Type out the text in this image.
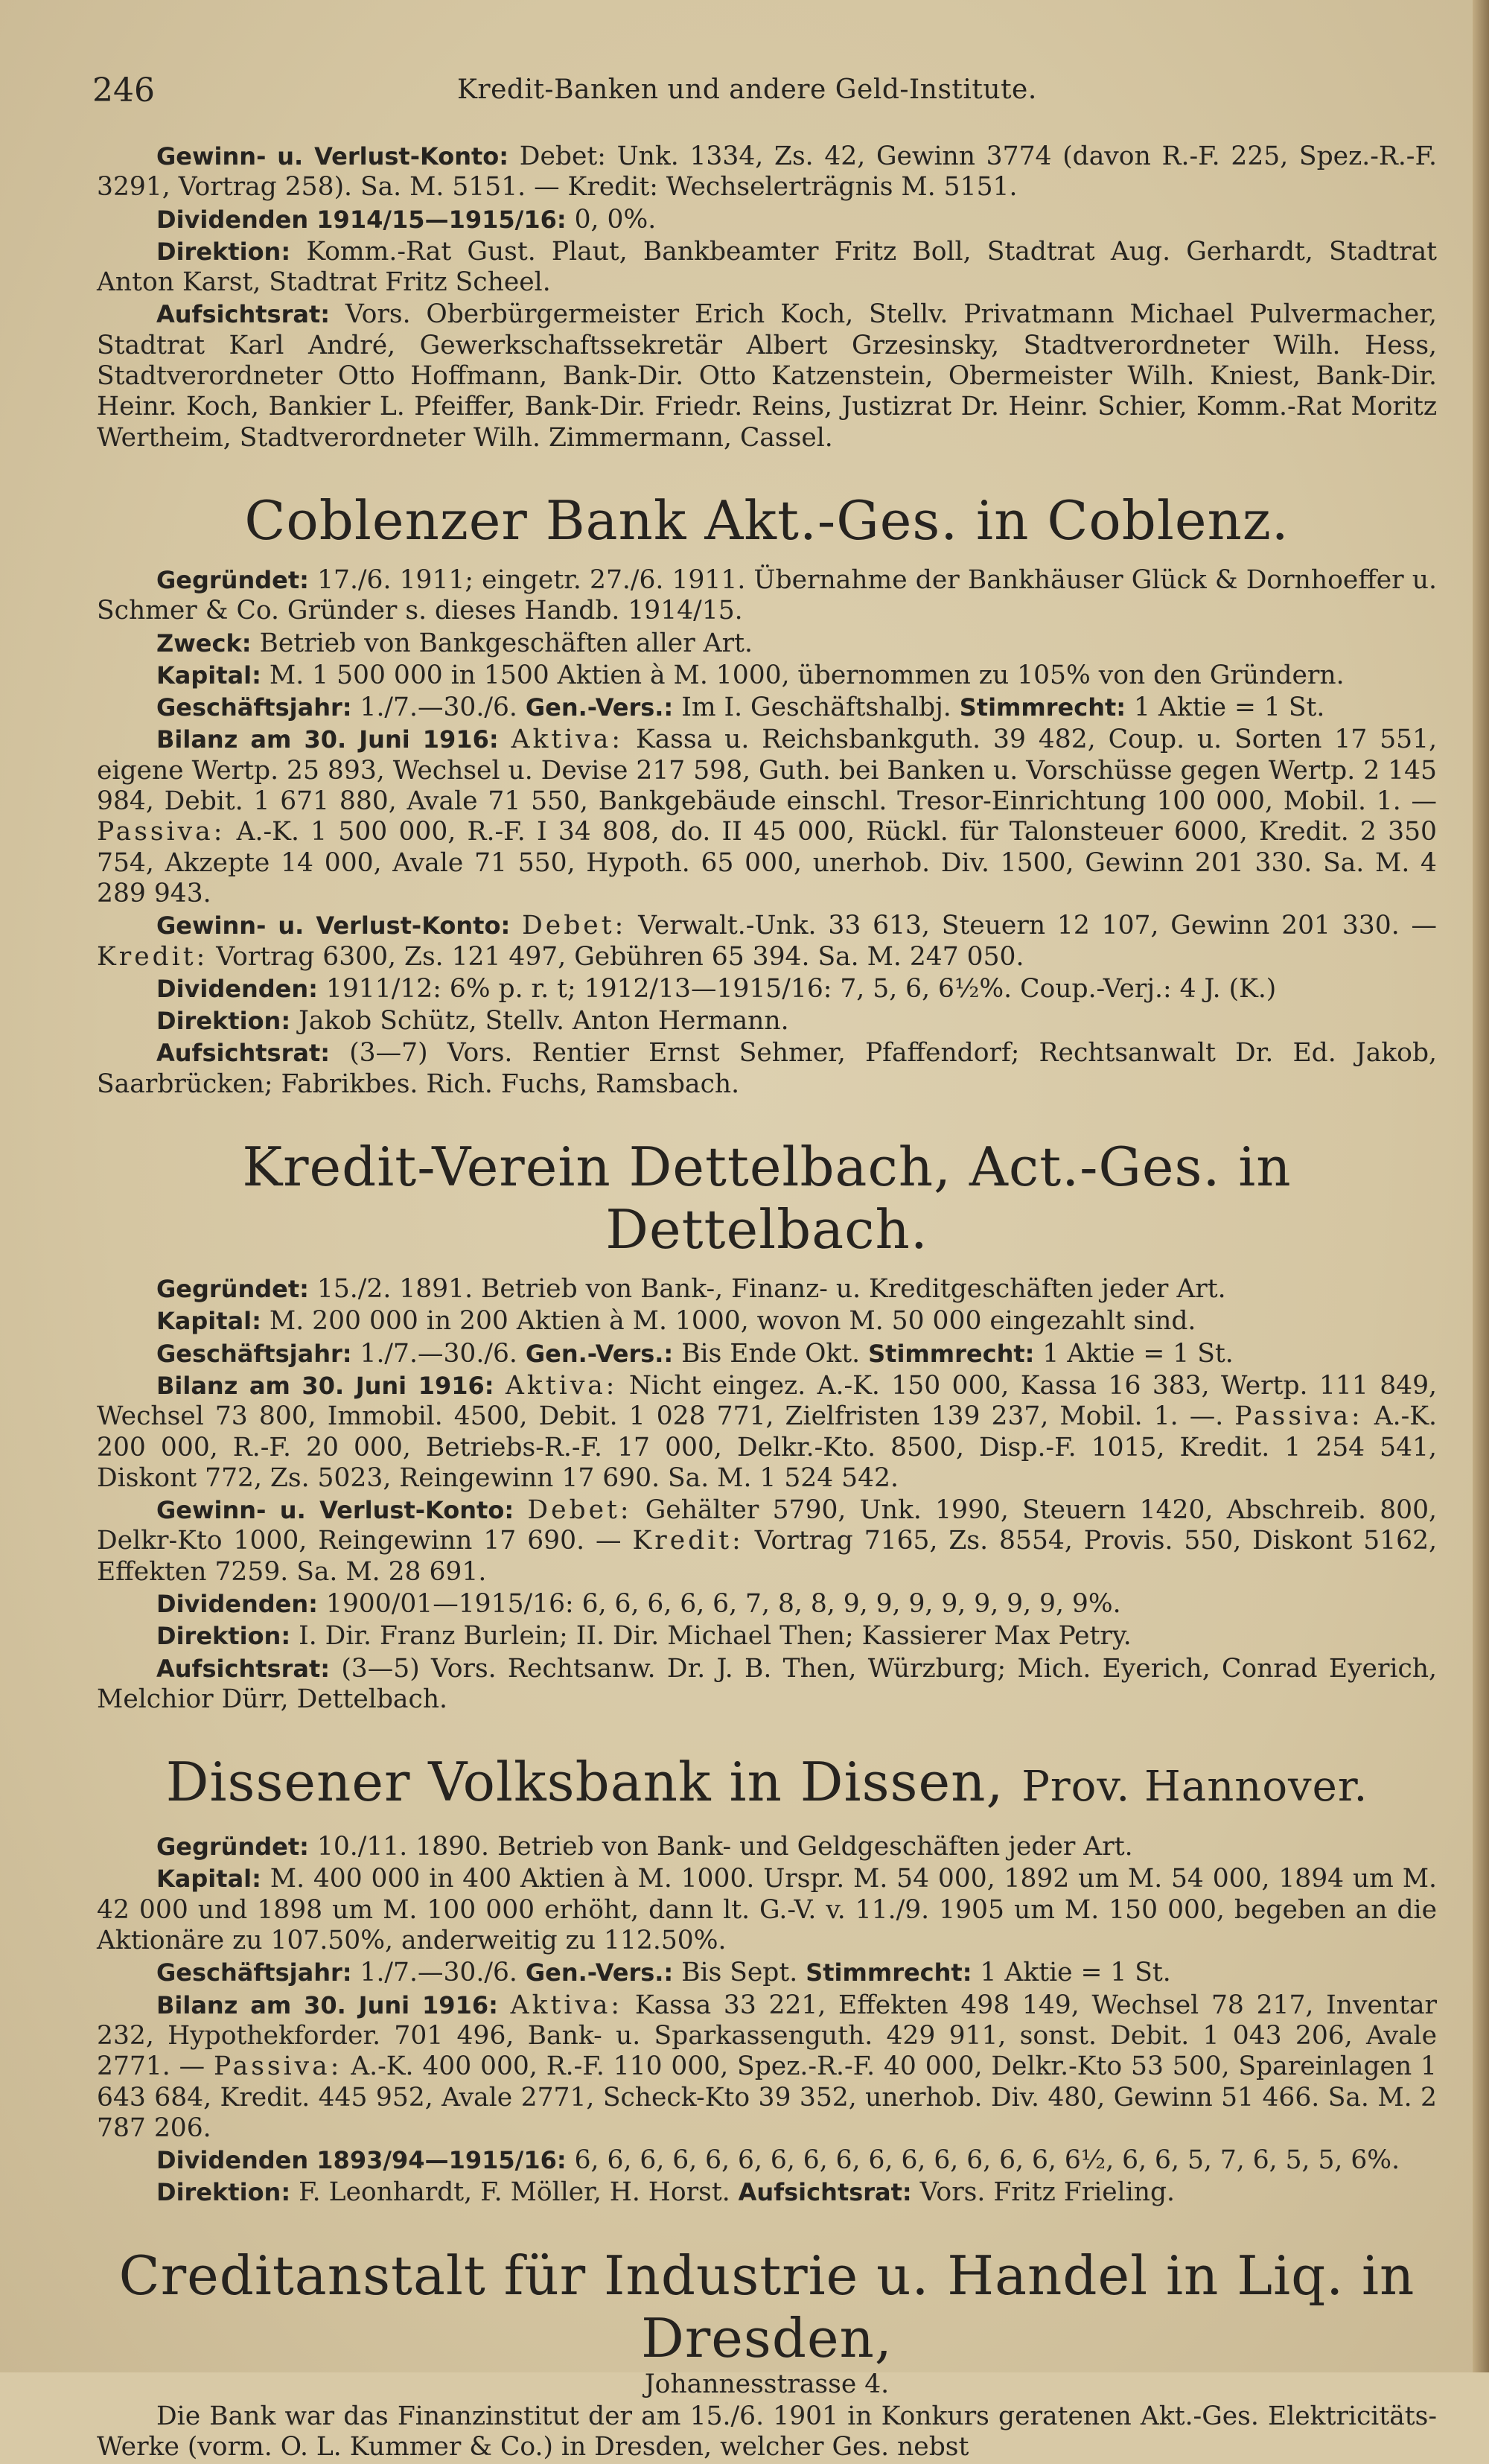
246	Kredit-Banken und andere Geld-Institute.

Gewinn- u. Verlust-Konto: Debet: Unk. 1334, Zs. 42, Gewinn 3774 (davon R.-F. 225, Spez.-R.-F. 3291, Vortrag 258). Sa. M. 5151. — Kredit: Wechselerträgnis M. 5151.

Dividenden 1914/15—1915/16: 0, 0%.

Direktion: Komm.-Rat Gust. Plaut, Bankbeamter Fritz Boll, Stadtrat Aug. Gerhardt, Stadtrat Anton Karst, Stadtrat Fritz Scheel.

Aufsichtsrat: Vors. Oberbürgermeister Erich Koch, Stellv. Privatmann Michael Pulvermacher, Stadtrat Karl André, Gewerkschaftssekretär Albert Grzesinsky, Stadtverordneter Wilh. Hess, Stadtverordneter Otto Hoffmann, Bank-Dir. Otto Katzenstein, Obermeister Wilh. Kniest, Bank-Dir. Heinr. Koch, Bankier L. Pfeiffer, Bank-Dir. Friedr. Reins, Justizrat Dr. Heinr. Schier, Komm.-Rat Moritz Wertheim, Stadtverordneter Wilh. Zimmermann, Cassel.

Coblenzer Bank Akt.-Ges. in Coblenz.

Gegründet: 17./6. 1911; eingetr. 27./6. 1911. Übernahme der Bankhäuser Glück & Dornhoeffer u. Schmer & Co. Gründer s. dieses Handb. 1914/15.

Zweck: Betrieb von Bankgeschäften aller Art.

Kapital: M. 1 500 000 in 1500 Aktien à M. 1000, übernommen zu 105% von den Gründern.

Geschäftsjahr: 1./7.—30./6. Gen.-Vers.: Im I. Geschäftshalbj. Stimmrecht: 1 Aktie = 1 St.

Bilanz am 30. Juni 1916: Aktiva: Kassa u. Reichsbankguth. 39 482, Coup. u. Sorten 17 551, eigene Wertp. 25 893, Wechsel u. Devise 217 598, Guth. bei Banken u. Vorschüsse gegen Wertp. 2 145 984, Debit. 1 671 880, Avale 71 550, Bankgebäude einschl. Tresor-Einrichtung 100 000, Mobil. 1. — Passiva: A.-K. 1 500 000, R.-F. I 34 808, do. II 45 000, Rückl. für Talonsteuer 6000, Kredit. 2 350 754, Akzepte 14 000, Avale 71 550, Hypoth. 65 000, unerhob. Div. 1500, Gewinn 201 330. Sa. M. 4 289 943.

Gewinn- u. Verlust-Konto: Debet: Verwalt.-Unk. 33 613, Steuern 12 107, Gewinn 201 330. — Kredit: Vortrag 6300, Zs. 121 497, Gebühren 65 394. Sa. M. 247 050.

Dividenden: 1911/12: 6% p. r. t; 1912/13—1915/16: 7, 5, 6, 6½%. Coup.-Verj.: 4 J. (K.)

Direktion: Jakob Schütz, Stellv. Anton Hermann.

Aufsichtsrat: (3—7) Vors. Rentier Ernst Sehmer, Pfaffendorf; Rechtsanwalt Dr. Ed. Jakob, Saarbrücken; Fabrikbes. Rich. Fuchs, Ramsbach.

Kredit-Verein Dettelbach, Act.-Ges. in Dettelbach.

Gegründet: 15./2. 1891. Betrieb von Bank-, Finanz- u. Kreditgeschäften jeder Art.

Kapital: M. 200 000 in 200 Aktien à M. 1000, wovon M. 50 000 eingezahlt sind.

Geschäftsjahr: 1./7.—30./6. Gen.-Vers.: Bis Ende Okt. Stimmrecht: 1 Aktie = 1 St.

Bilanz am 30. Juni 1916: Aktiva: Nicht eingez. A.-K. 150 000, Kassa 16 383, Wertp. 111 849, Wechsel 73 800, Immobil. 4500, Debit. 1 028 771, Zielfristen 139 237, Mobil. 1. —. Passiva: A.-K. 200 000, R.-F. 20 000, Betriebs-R.-F. 17 000, Delkr.-Kto. 8500, Disp.-F. 1015, Kredit. 1 254 541, Diskont 772, Zs. 5023, Reingewinn 17 690. Sa. M. 1 524 542.

Gewinn- u. Verlust-Konto: Debet: Gehälter 5790, Unk. 1990, Steuern 1420, Abschreib. 800, Delkr-Kto 1000, Reingewinn 17 690. — Kredit: Vortrag 7165, Zs. 8554, Provis. 550, Diskont 5162, Effekten 7259. Sa. M. 28 691.

Dividenden: 1900/01—1915/16: 6, 6, 6, 6, 6, 7, 8, 8, 9, 9, 9, 9, 9, 9, 9, 9%.

Direktion: I. Dir. Franz Burlein; II. Dir. Michael Then; Kassierer Max Petry.

Aufsichtsrat: (3—5) Vors. Rechtsanw. Dr. J. B. Then, Würzburg; Mich. Eyerich, Conrad Eyerich, Melchior Dürr, Dettelbach.

Dissener Volksbank in Dissen, Prov. Hannover.

Gegründet: 10./11. 1890. Betrieb von Bank- und Geldgeschäften jeder Art.

Kapital: M. 400 000 in 400 Aktien à M. 1000. Urspr. M. 54 000, 1892 um M. 54 000, 1894 um M. 42 000 und 1898 um M. 100 000 erhöht, dann lt. G.-V. v. 11./9. 1905 um M. 150 000, begeben an die Aktionäre zu 107.50%, anderweitig zu 112.50%.

Geschäftsjahr: 1./7.—30./6. Gen.-Vers.: Bis Sept. Stimmrecht: 1 Aktie = 1 St.

Bilanz am 30. Juni 1916: Aktiva: Kassa 33 221, Effekten 498 149, Wechsel 78 217, Inventar 232, Hypothekforder. 701 496, Bank- u. Sparkassenguth. 429 911, sonst. Debit. 1 043 206, Avale 2771. — Passiva: A.-K. 400 000, R.-F. 110 000, Spez.-R.-F. 40 000, Delkr.-Kto 53 500, Spareinlagen 1 643 684, Kredit. 445 952, Avale 2771, Scheck-Kto 39 352, unerhob. Div. 480, Gewinn 51 466. Sa. M. 2 787 206.

Dividenden 1893/94—1915/16: 6, 6, 6, 6, 6, 6, 6, 6, 6, 6, 6, 6, 6, 6, 6, 6½, 6, 6, 5, 7, 6, 5, 5, 6%.

Direktion: F. Leonhardt, F. Möller, H. Horst. Aufsichtsrat: Vors. Fritz Frieling.

Creditanstalt für Industrie u. Handel in Liq. in Dresden,

Johannesstrasse 4.

Die Bank war das Finanzinstitut der am 15./6. 1901 in Konkurs geratenen Akt.-Ges. Elektricitäts-Werke (vorm. O. L. Kummer & Co.) in Dresden, welcher Ges. nebst
